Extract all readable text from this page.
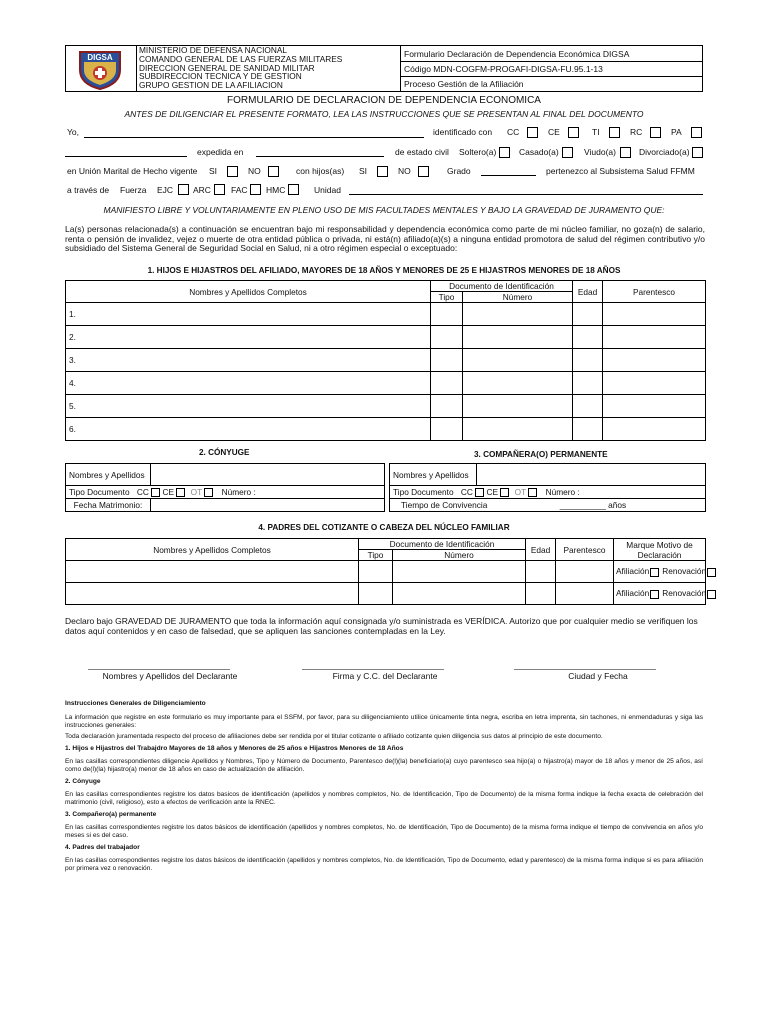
DIGSA
MINISTERIO DE DEFENSA NACIONAL
COMANDO GENERAL DE LAS FUERZAS MILITARES
DIRECCION GENERAL DE SANIDAD MILITAR
SUBDIRECCION TECNICA Y DE GESTION
GRUPO GESTION DE LA AFILIACION
Formulario Declaración de Dependencia Económica DIGSA
Código MDN-COGFM-PROGAFI-DIGSA-FU.95.1-13
Proceso Gestión de la Afiliación
FORMULARIO DE DECLARACION DE DEPENDENCIA ECONOMICA
ANTES DE DILIGENCIAR EL PRESENTE FORMATO, LEA LAS INSTRUCCIONES QUE SE PRESENTAN AL FINAL DEL DOCUMENTO
Yo,	identificado con CC	CE	TI	RC	PA
expedida en	de estado civil Soltero(a)	Casado(a)	Viudo(a)	Divorciado(a)
en Unión Marital de Hecho vigente SI	NO	con hijos(as) SI	NO	Grado	pertenezco al Subsistema Salud FFMM
a través de Fuerza EJC ARC FAC HMC	Unidad
MANIFIESTO LIBRE Y VOLUNTARIAMENTE EN PLENO USO DE MIS FACULTADES MENTALES Y BAJO LA GRAVEDAD DE JURAMENTO QUE:
La(s) personas relacionada(s) a continuación se encuentran bajo mi responsabilidad y dependencia económica como parte de mi núcleo familiar, no goza(n) de salario, renta o pensión de invalidez, vejez o muerte de otra entidad pública o privada, ni está(n) afiliado(a)(s) a ninguna entidad promotora de salud del régimen contributivo y/o subsidiado del Sistema General de Seguridad Social en Salud, ni a otro régimen especial o exceptuado:
1. HIJOS E HIJASTROS DEL AFILIADO, MAYORES DE 18 AÑOS Y MENORES DE 25 E HIJASTROS MENORES DE 18 AÑOS
Nombres y Apellidos Completos	Documento de Identificación		Edad	Parentesco
	Tipo	Número		
1.				
2.				
3.				
4.				
5.				
6.				
2. CÓNYUGE	3. COMPAÑERA(O) PERMANENTE
Nombres y Apellidos	
Tipo Documento CC CE OT Número :	
Fecha Matrimonio:	
Nombres y Apellidos	
Tipo Documento CC CE OT Número :
Tiempo de Convivencia	__________ años
4. PADRES DEL COTIZANTE O CABEZA DEL NÚCLEO FAMILIAR
Nombres y Apellidos Completos	Documento de Identificación		Edad	Parentesco	Marque Motivo de Declaración
	Tipo	Número			
					Afiliación Renovación
					Afiliación Renovación
Declaro bajo GRAVEDAD DE JURAMENTO que toda la información aquí consignada y/o suministrada es VERÍDICA. Autorizo que por cualquier medio se verifiquen los datos aquí contenidos y en caso de falsedad, que se apliquen las sanciones contempladas en la Ley.
______________________________	______________________________	______________________________
Nombres y Apellidos del Declarante	Firma y C.C. del Declarante	Ciudad y Fecha
Instrucciones Generales de Diligenciamiento
La información que registre en este formulario es muy importante para el SSFM, por favor, para su diligenciamiento utilice únicamente tinta negra, escriba en letra imprenta, sin tachones, ni enmendaduras y siga las instrucciones generales:
Toda declaración juramentada respecto del proceso de afiliaciones debe ser rendida por el titular cotizante o afiliado cotizante quien diligencia sus datos al principio de este documento.
1. Hijos e Hijastros del Trabajdro Mayores de 18 años y Menores de 25 años e Hijastros Menores de 18 Años
En las casillas correspondientes diligencie Apellidos y Nombres, Tipo y Número de Documento, Parentesco de(l)(la) beneficiario(a) cuyo parentesco sea hijo(a) o hijastro(a) mayor de 18 años y menor de 25 años, así como de(l)(la) hijastro(a) menor de 18 años en caso de actualización de afiliación.
2. Cónyuge
En las casillas correspondientes registre los datos basicos de identificación (apellidos y nombres completos, No. de Identificación, Tipo de Documento) de la misma forma indique la fecha exacta de celebración del matrimonio (civil, religioso), esto a efectos de verificación ante la RNEC.
3. Compañero(a) permanente
En las casillas correspondientes registre los datos básicos de identificación (apellidos y nombres completos, No. de Identificación, Tipo de Documento) de la misma forma indique el tiempo de convivencia en años y/o meses si es del caso.
4. Padres del trabajador
En las casillas correspondientes registre los datos básicos de identificación (apellidos y nombres completos, No. de Identificación, Tipo de Documento, edad y parentesco) de la misma forma indique si es para afiliación por primera vez o renovación.
